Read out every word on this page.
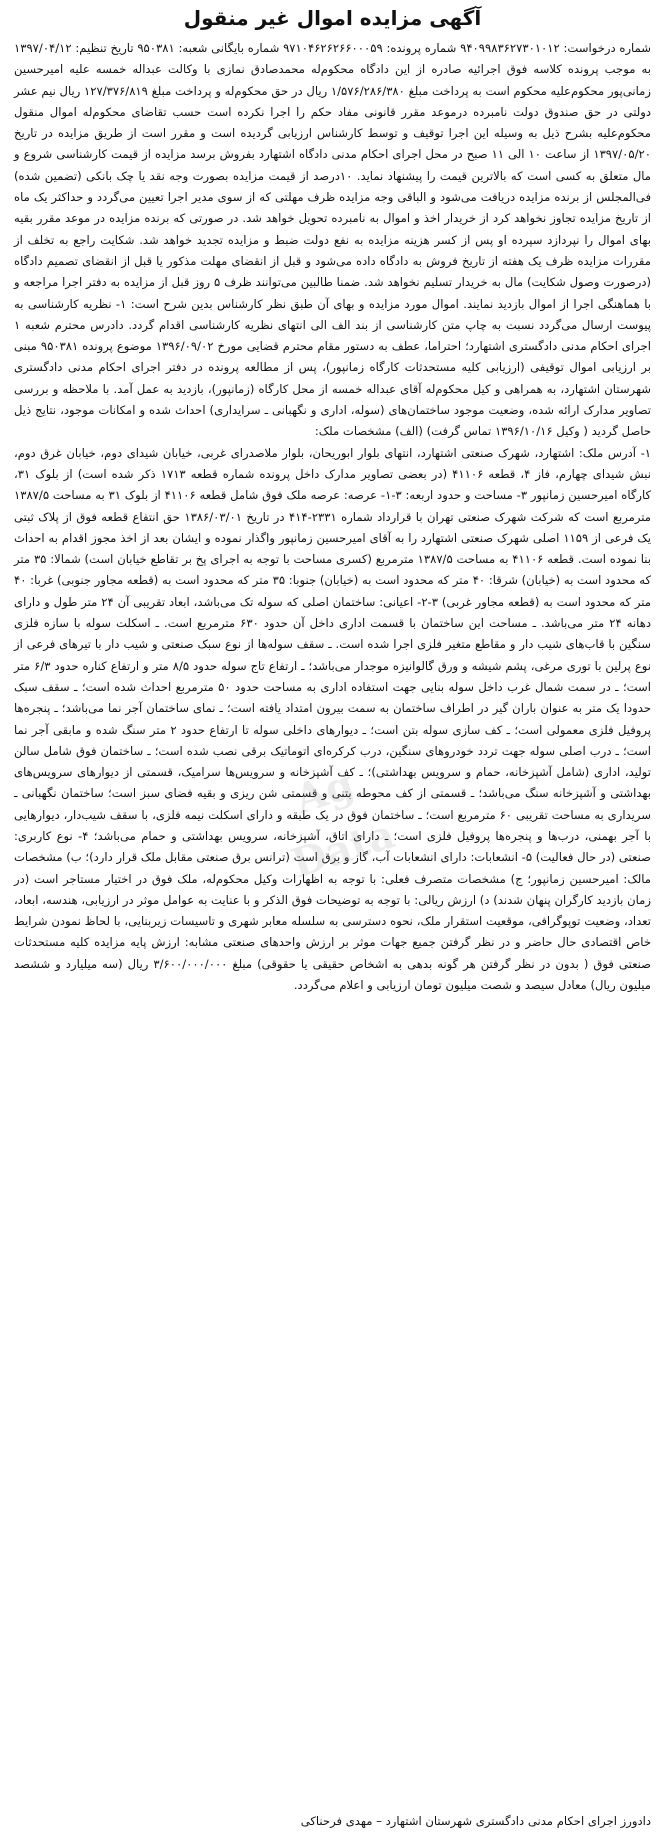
آگهی مزایده اموال غیر منقول

شماره درخواست: ۹۴۰۹۹۸۳۶۲۷۳۰۱۰۱۲ شماره پرونده: ۹۷۱۰۴۶۲۶۲۶۶۰۰۰۵۹ شماره بایگانی شعبه: ۹۵۰۳۸۱ تاریخ تنظیم: ۱۳۹۷/۰۴/۱۲ به موجب پرونده کلاسه فوق اجرائیه صادره از این دادگاه محکوم‌له محمدصادق نمازی با وکالت عبداله خمسه علیه امیرحسین زمانی‌پور محکوم‌علیه محکوم است به پرداخت مبلغ ۱/۵۷۶/۲۸۶/۳۸۰ ریال در حق محکوم‌له و پرداخت مبلغ ۱۲۷/۳۷۶/۸۱۹ ریال نیم عشر دولتی در حق صندوق دولت نامبرده درموعد مقرر قانونی مفاد حکم را اجرا نکرده است حسب تقاضای محکوم‌له اموال منقول محکوم‌علیه بشرح ذیل به وسیله این اجرا توقیف و توسط کارشناس ارزیابی گردیده است و مقرر است از طریق مزایده در تاریخ ۱۳۹۷/۰۵/۲۰ از ساعت ۱۰ الی ۱۱ صبح در محل اجرای احکام مدنی دادگاه اشتهارد بفروش برسد مزایده از قیمت کارشناسی شروع و مال متعلق به کسی است که بالاترین قیمت را پیشنهاد نماید. ۱۰درصد از قیمت مزایده بصورت وجه نقد یا چک بانکی (تضمین شده) فی‌المجلس از برنده مزایده دریافت می‌شود و الباقی وجه مزایده ظرف مهلتی که از سوی مدیر اجرا تعیین می‌گردد و حداکثر یک ماه از تاریخ مزایده تجاوز نخواهد کرد از خریدار اخذ و اموال به نامبرده تحویل خواهد شد. در صورتی که برنده مزایده در موعد مقرر بقیه بهای اموال را نپردازد سپرده او پس از کسر هزینه مزایده به نفع دولت ضبط و مزایده تجدید خواهد شد. شکایت راجع به تخلف از مقررات مزایده ظرف یک هفته از تاریخ فروش به دادگاه داده می‌شود و قبل از انقضای مهلت مذکور یا قبل از انقضای تصمیم دادگاه (درصورت وصول شکایت) مال به خریدار تسلیم نخواهد شد. ضمنا طالبین می‌توانند ظرف ۵ روز قبل از مزایده به دفتر اجرا مراجعه و با هماهنگی اجرا از اموال بازدید نمایند. اموال مورد مزایده و بهای آن طبق نظر کارشناس بدین شرح است: ۱- نظریه کارشناسی به پیوست ارسال می‌گردد نسبت به چاپ متن کارشناسی از بند الف الی انتهای نظریه کارشناسی اقدام گردد. دادرس محترم شعبه ۱ اجرای احکام مدنی دادگستری اشتهارد؛ احتراما، عطف به دستور مقام محترم قضایی مورخ ۱۳۹۶/۰۹/۰۲ موضوع پرونده ۹۵۰۳۸۱ مبنی بر ارزیابی اموال توقیفی (ارزیابی کلیه مستحدثات کارگاه زمانپور)، پس از مطالعه پرونده در دفتر اجرای احکام مدنی دادگستری شهرستان اشتهارد، به همراهی و کیل محکوم‌له آقای عبداله خمسه از محل کارگاه (زمانپور)، بازدید به عمل آمد. با ملاحظه و بررسی تصاویر مدارک ارائه شده، وضعیت موجود ساختمان‌های (سوله، اداری و نگهبانی ـ سرایداری) احداث شده و امکانات موجود، نتایج ذیل حاصل گردید ( وکیل ۱۳۹۶/۱۰/۱۶ تماس گرفت) (الف) مشخصات ملک:

۱- آدرس ملک: اشتهارد، شهرک صنعتی اشتهارد، انتهای بلوار ابوریحان، بلوار ملاصدرای غربی، خیابان شیدای دوم، خیابان غرق دوم، نبش شیدای چهارم، فاز ۴، قطعه ۴۱۱۰۶ (در بعضی تصاویر مدارک داخل پرونده شماره قطعه ۱۷۱۳ ذکر شده است) از بلوک ۳۱، کارگاه امیرحسین زمانپور ۳- مساحت و حدود اربعه: ۳-۱- عرصه: عرصه ملک فوق شامل قطعه ۴۱۱۰۶ از بلوک ۳۱ به مساحت ۱۳۸۷/۵ مترمربع است که شرکت شهرک صنعتی تهران با قرارداد شماره ۲۳۳۱-۴۱۴ در تاریخ ۱۳۸۶/۰۳/۰۱ حق انتفاع قطعه فوق از پلاک ثبتی یک فرعی از ۱۱۵۹ اصلی شهرک صنعتی اشتهارد را به آقای امیرحسین زمانپور واگذار نموده و ایشان بعد از اخذ مجوز اقدام به احداث بنا نموده است. قطعه ۴۱۱۰۶ به مساحت ۱۳۸۷/۵ مترمربع (کسری مساحت با توجه به اجرای پخ بر تقاطع خیابان است) شمالا: ۳۵ متر که محدود است به (خیابان) شرقا: ۴۰ متر که محدود است به (خیابان) جنوبا: ۳۵ متر که محدود است به (قطعه مجاور جنوبی) غربا: ۴۰ متر که محدود است به (قطعه مجاور غربی) ۳-۲- اعیانی: ساختمان اصلی که سوله تک می‌باشد، ابعاد تقریبی آن ۲۴ متر طول و دارای دهانه ۲۴ متر می‌باشد. ـ مساحت این ساختمان با قسمت اداری داخل آن حدود ۶۳۰ مترمربع است. ـ اسکلت سوله با سازه فلزی سنگین با قاب‌های شیب دار و مقاطع متغیر فلزی اجرا شده است. ـ سقف سوله‌ها از نوع سبک صنعتی و شیب دار با تیرهای فرعی از نوع پرلین با توری مرغی، پشم شیشه و ورق گالوانیزه موجدار می‌باشد؛ ـ ارتفاع تاج سوله حدود ۸/۵ متر و ارتفاع کناره حدود ۶/۳ متر است؛ ـ در سمت شمال غرب داخل سوله بنایی جهت استفاده اداری به مساحت حدود ۵۰ مترمربع احداث شده است؛ ـ سقف سبک حدودا یک متر به عنوان باران گیر در اطراف ساختمان به سمت بیرون امتداد یافته است؛ ـ نمای ساختمان آجر نما می‌باشد؛ ـ پنجره‌ها پروفیل فلزی معمولی است؛ ـ کف سازی سوله بتن است؛ ـ دیوارهای داخلی سوله تا ارتفاع حدود ۲ متر سنگ شده و مابقی آجر نما است؛ ـ درب اصلی سوله جهت تردد خودروهای سنگین، درب کرکره‌ای اتوماتیک برقی نصب شده است؛ ـ ساختمان فوق شامل سالن تولید، اداری (شامل آشپزخانه، حمام و سرویس بهداشتی)؛ ـ کف آشپزخانه و سرویس‌ها سرامیک، قسمتی از دیوارهای سرویس‌های بهداشتی و آشپزخانه سنگ می‌باشد؛ ـ قسمتی از کف محوطه بتنی و قسمتی شن ریزی و بقیه فضای سبز است؛ ساختمان نگهبانی ـ سریداری به مساحت تقریبی ۶۰ مترمربع است؛ ـ ساختمان فوق در یک طبقه و دارای اسکلت نیمه فلزی، با سقف شیب‌دار، دیوارهایی با آجر بهمنی، درب‌ها و پنجره‌ها پروفیل فلزی است؛ ـ دارای اتاق، آشپزخانه، سرویس بهداشتی و حمام می‌باشد؛ ۴- نوع کاربری: صنعتی (در حال فعالیت) ۵- انشعابات: دارای انشعابات آب، گاز و برق است (ترانس برق صنعتی مقابل ملک قرار دارد)؛ ب) مشخصات مالک: امیرحسین زمانپور؛ ج) مشخصات متصرف فعلی: با توجه به اظهارات وکیل محکوم‌له، ملک فوق در اختیار مستاجر است (در زمان بازدید کارگران پنهان شدند) د) ارزش ریالی: با توجه به توضیحات فوق الذکر و با عنایت به عوامل موثر در ارزیابی، هندسه، ابعاد، تعداد، وضعیت توپوگرافی، موقعیت استقرار ملک، نحوه دسترسی به سلسله معابر شهری و تاسیسات زیربنایی، با لحاظ نمودن شرایط خاص اقتصادی حال حاضر و در نظر گرفتن جمیع جهات موثر بر ارزش واحدهای صنعتی مشابه: ارزش پایه مزایده کلیه مستحدثات صنعتی فوق ( بدون در نظر گرفتن هر گونه بدهی به اشخاص حقیقی یا حقوقی) مبلغ ۳/۶۰۰/۰۰۰/۰۰۰ ریال (سه میلیارد و ششصد میلیون ریال) معادل سیصد و شصت میلیون تومان ارزیابی و اعلام می‌گردد.

Ag
Data
دادورز اجرای احکام مدنی دادگستری شهرستان اشتهارد – مهدی فرحناکی
